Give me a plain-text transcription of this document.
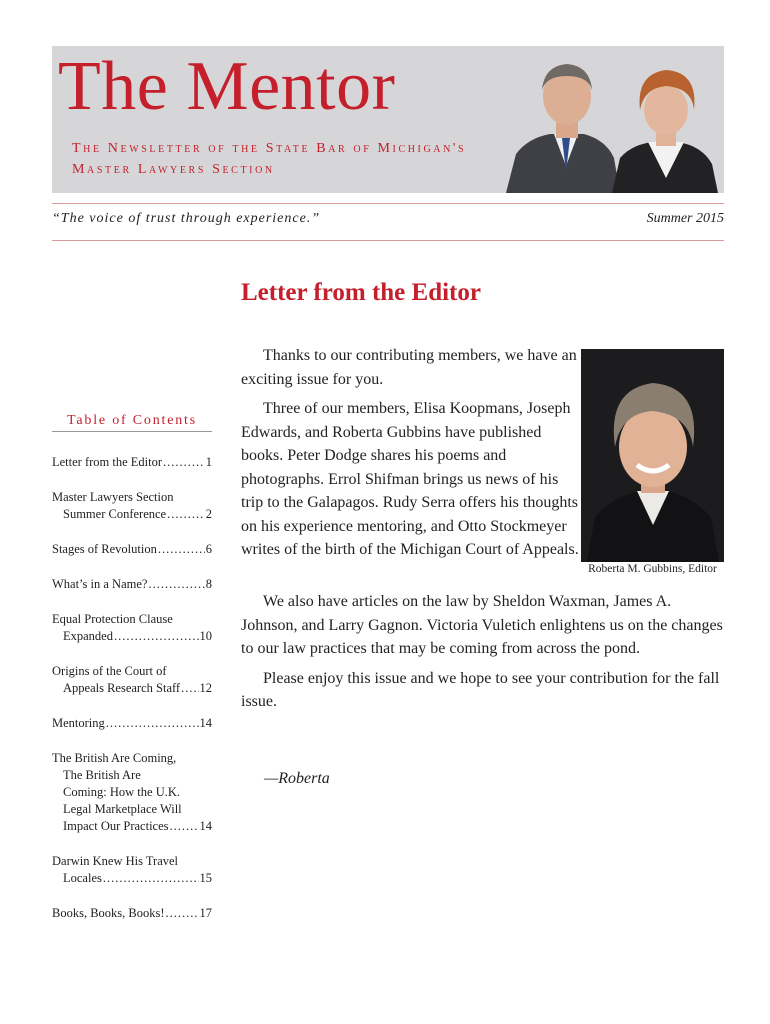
The Mentor
The Newsletter of the State Bar of Michigan's
Master Lawyers Section
“The voice of trust through experience.”	Summer 2015
Letter from the Editor
Table of Contents
Letter from the Editor .....	1
Master Lawyers Section
Summer Conference .....	2
Stages of Revolution .....	6
What’s in a Name? .....	8
Equal Protection Clause
Expanded .....	10
Origins of the Court of
Appeals Research Staff ..... 12
Mentoring .....	14
The British Are Coming,
The British Are
Coming: How the U.K.
Legal Marketplace Will
Impact Our Practices ..... 14
Darwin Knew His Travel
Locales .....	15
Books, Books, Books! .....	17

Thanks to our contributing members, we have an exciting issue for you.

Three of our members, Elisa Koopmans, Joseph Edwards, and Roberta Gubbins have published books. Peter Dodge shares his poems and photographs. Errol Shifman brings us news of his trip to the Galapagos. Rudy Serra offers his thoughts on his experience mentoring, and Otto Stockmeyer writes of the birth of the Michigan Court of Appeals.

Roberta M. Gubbins, Editor

We also have articles on the law by Sheldon Waxman, James A. Johnson, and Larry Gagnon. Victoria Vuletich enlightens us on the changes to our law practices that may be coming from across the pond.

Please enjoy this issue and we hope to see your contribution for the fall issue.

—Roberta
